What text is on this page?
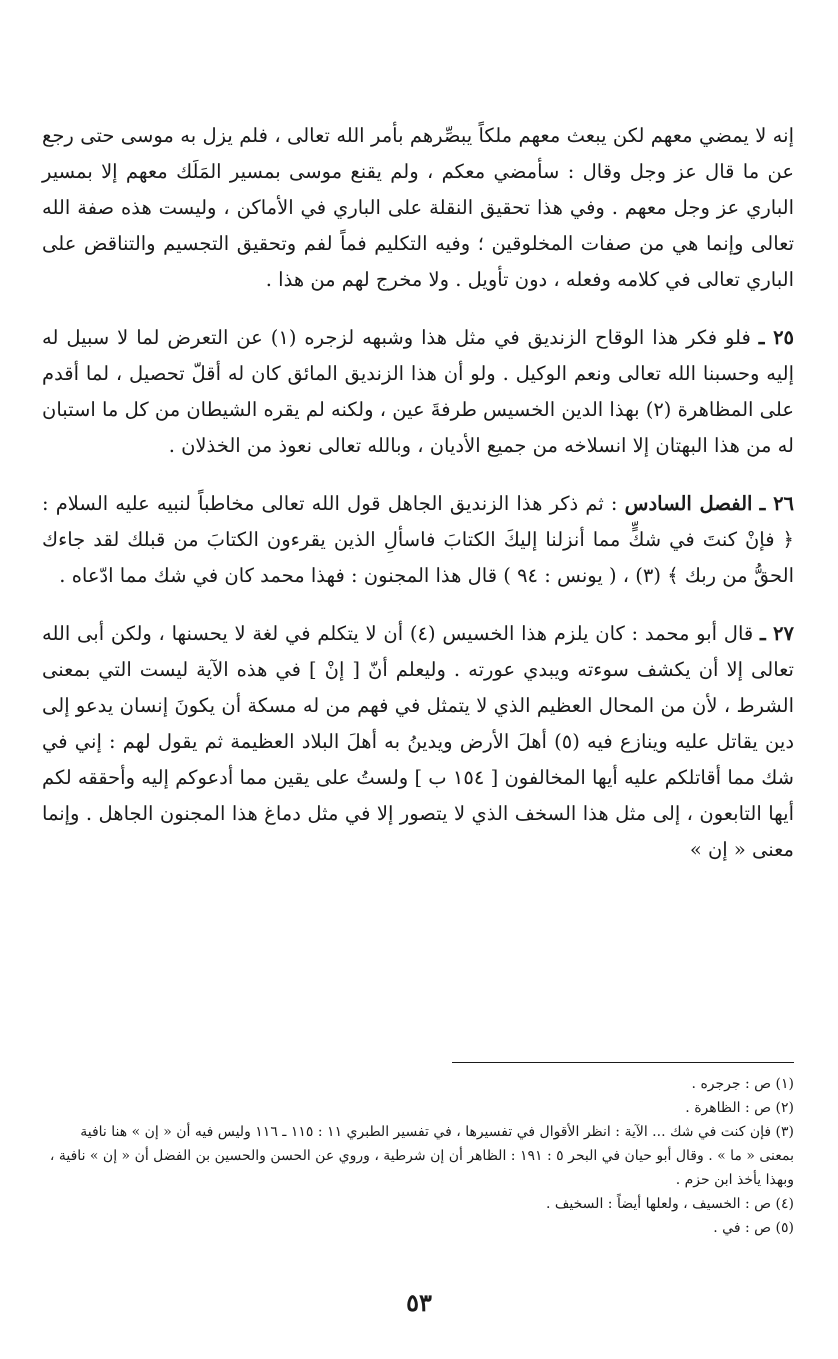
إنه لا يمضي معهم لكن يبعث معهم ملكاً يبصِّرهم بأمر الله تعالى ، فلم يزل به موسى حتى رجع عن ما قال عز وجل وقال : سأمضي معكم ، ولم يقنع موسى بمسير المَلَك معهم إلا بمسير الباري عز وجل معهم . وفي هذا تحقيق النقلة على الباري في الأماكن ، وليست هذه صفة الله تعالى وإنما هي من صفات المخلوقين ؛ وفيه التكليم فماً لفم وتحقيق التجسيم والتناقض على الباري تعالى في كلامه وفعله ، دون تأويل . ولا مخرج لهم من هذا .

٢٥ ـ فلو فكر هذا الوقاح الزنديق في مثل هذا وشبهه لزجره (١) عن التعرض لما لا سبيل له إليه وحسبنا الله تعالى ونعم الوكيل . ولو أن هذا الزنديق المائق كان له أقلّ تحصيل ، لما أقدم على المظاهرة (٢) بهذا الدين الخسيس طرفةَ عين ، ولكنه لم يقره الشيطان من كل ما استبان له من هذا البهتان إلا انسلاخه من جميع الأديان ، وبالله تعالى نعوذ من الخذلان .

٢٦ ـ الفصل السادس : ثم ذكر هذا الزنديق الجاهل قول الله تعالى مخاطباً لنبيه عليه السلام : ﴿ فإنْ كنتَ في شكٍّ مما أنزلنا إليكَ الكتابَ فاسألِ الذين يقرءون الكتابَ من قبلك لقد جاءك الحقُّ من ربك ﴾ (٣) ، ( يونس : ٩٤ ) قال هذا المجنون : فهذا محمد كان في شك مما ادّعاه .

٢٧ ـ قال أبو محمد : كان يلزم هذا الخسيس (٤) أن لا يتكلم في لغة لا يحسنها ، ولكن أبى الله تعالى إلا أن يكشف سوءته ويبدي عورته . وليعلم أنّ [ إنْ ] في هذه الآية ليست التي بمعنى الشرط ، لأن من المحال العظيم الذي لا يتمثل في فهم من له مسكة أن يكونَ إنسان يدعو إلى دين يقاتل عليه وينازع فيه (٥) أهلَ الأرض ويدينُ به أهلَ البلاد العظيمة ثم يقول لهم : إني في شك مما أقاتلكم عليه أيها المخالفون [ ١٥٤ ب ] ولستُ على يقين مما أدعوكم إليه وأحققه لكم أيها التابعون ، إلى مثل هذا السخف الذي لا يتصور إلا في مثل دماغ هذا المجنون الجاهل . وإنما معنى « إن »

(١) ص : جرجره .

(٢) ص : الظاهرة .

(٣) فإن كنت في شك ... الآية : انظر الأقوال في تفسيرها ، في تفسير الطبري ١١ : ١١٥ ـ ١١٦ وليس فيه أن « إن » هنا نافية بمعنى « ما » . وقال أبو حيان في البحر ٥ : ١٩١ : الظاهر أن إن شرطية ، وروي عن الحسن والحسين بن الفضل أن « إن » نافية ، وبهذا يأخذ ابن حزم .

(٤) ص : الخسيف ، ولعلها أيضاً : السخيف .

(٥) ص : في .

٥٣
